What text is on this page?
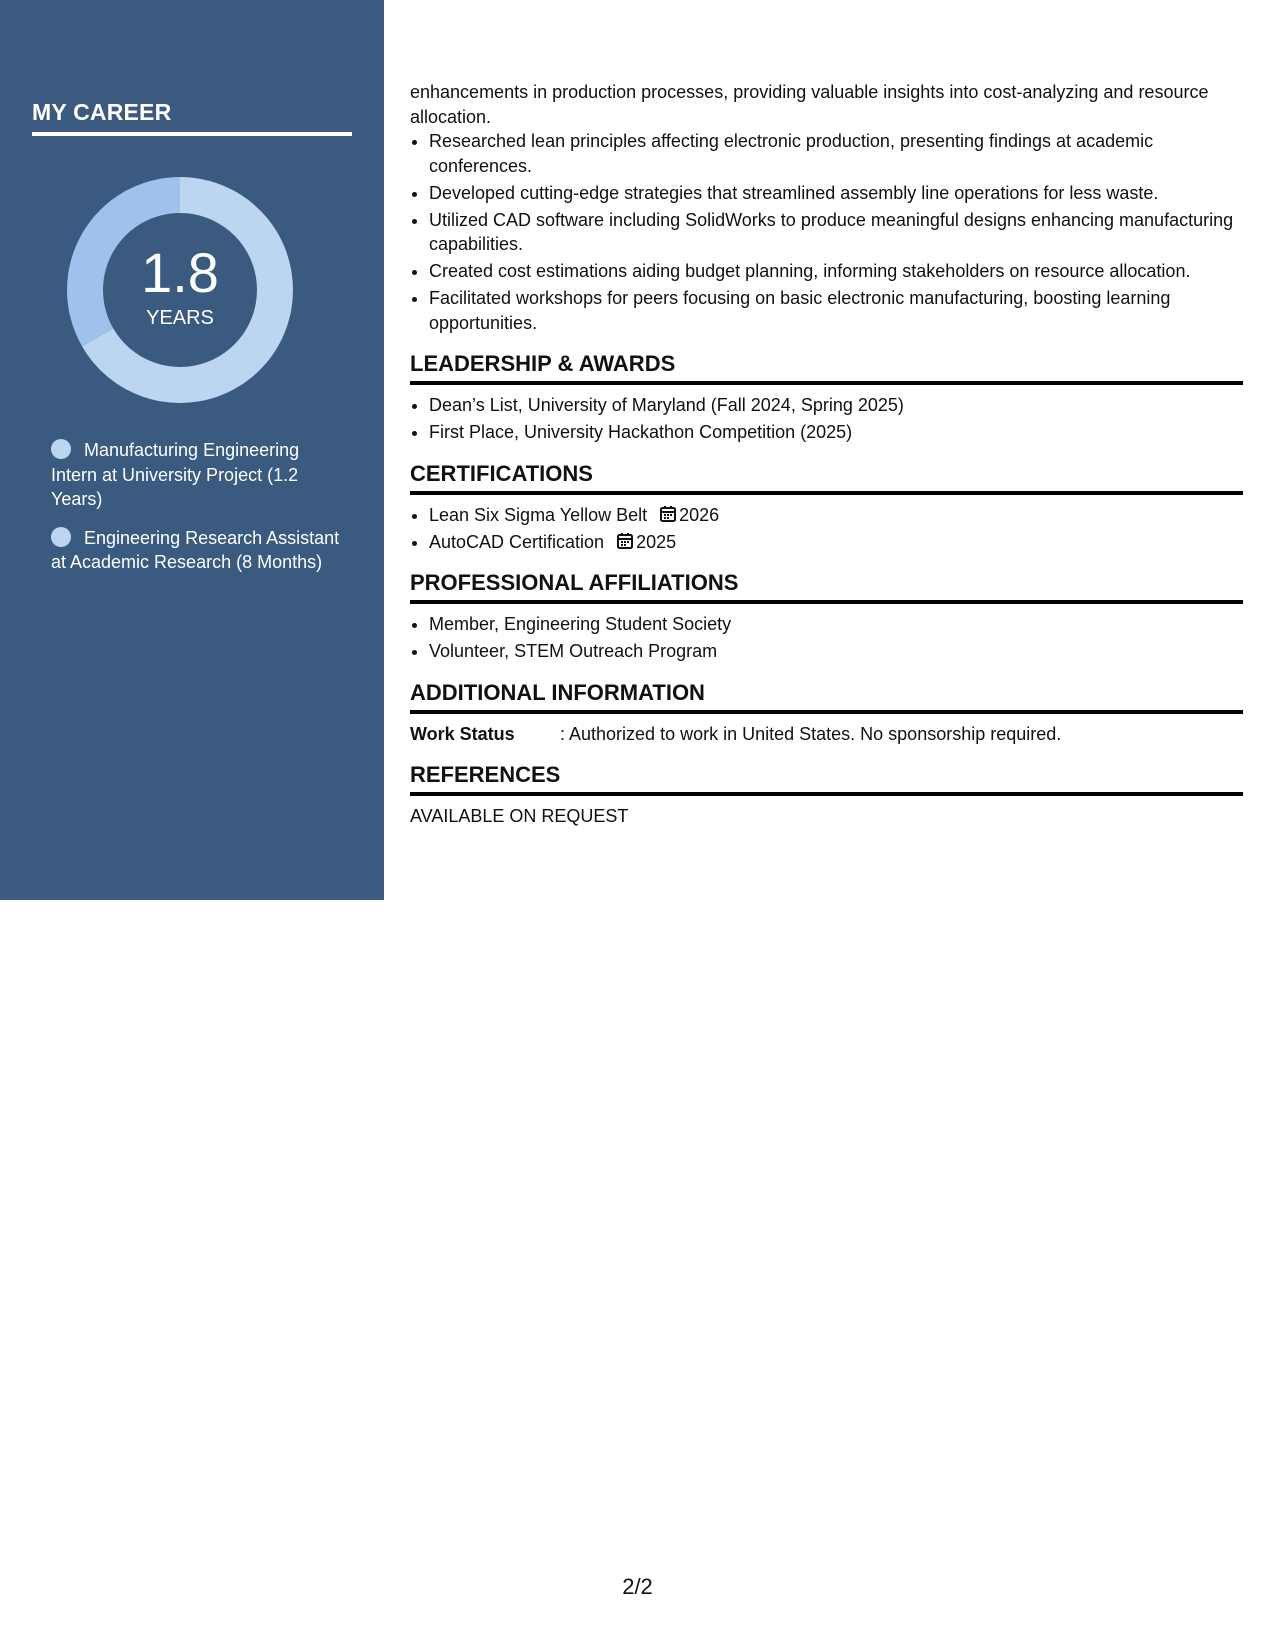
MY CAREER
1.8
YEARS
Manufacturing Engineering Intern at University Project (1.2 Years)
Engineering Research Assistant at Academic Research (8 Months)

enhancements in production processes, providing valuable insights into cost-analyzing and resource allocation.

• Researched lean principles affecting electronic production, presenting findings at academic conferences.
• Developed cutting-edge strategies that streamlined assembly line operations for less waste.
• Utilized CAD software including SolidWorks to produce meaningful designs enhancing manufacturing capabilities.
• Created cost estimations aiding budget planning, informing stakeholders on resource allocation.
• Facilitated workshops for peers focusing on basic electronic manufacturing, boosting learning opportunities.
LEADERSHIP & AWARDS
• Dean’s List, University of Maryland (Fall 2024, Spring 2025)
• First Place, University Hackathon Competition (2025)
CERTIFICATIONS
• Lean Six Sigma Yellow Belt 2026
• AutoCAD Certification 2025
PROFESSIONAL AFFILIATIONS
• Member, Engineering Student Society
• Volunteer, STEM Outreach Program
ADDITIONAL INFORMATION
Work Status	: Authorized to work in United States. No sponsorship required.
REFERENCES

AVAILABLE ON REQUEST

2/2
